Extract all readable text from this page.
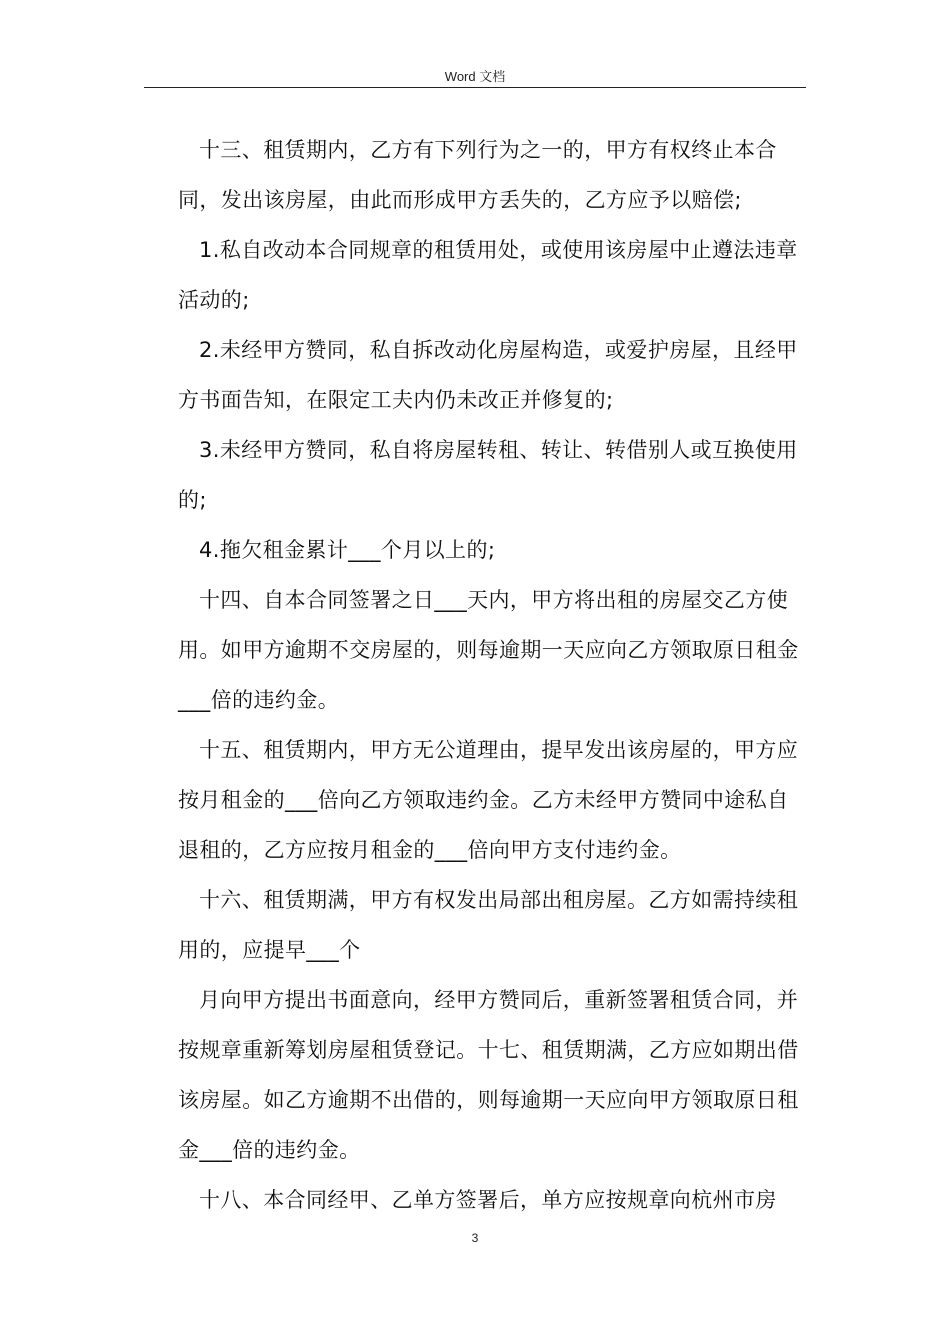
Word 文档

十三、租赁期内，乙方有下列行为之一的，甲方有权终止本合同，发出该房屋，由此而形成甲方丢失的，乙方应予以赔偿;

1.私自改动本合同规章的租赁用处，或使用该房屋中止遵法违章活动的;

2.未经甲方赞同，私自拆改动化房屋构造，或爱护房屋，且经甲方书面告知，在限定工夫内仍未改正并修复的;

3.未经甲方赞同，私自将房屋转租、转让、转借别人或互换使用的;

4.拖欠租金累计___个月以上的;

十四、自本合同签署之日___天内，甲方将出租的房屋交乙方使用。如甲方逾期不交房屋的，则每逾期一天应向乙方领取原日租金___倍的违约金。

十五、租赁期内，甲方无公道理由，提早发出该房屋的，甲方应按月租金的___倍向乙方领取违约金。乙方未经甲方赞同中途私自退租的，乙方应按月租金的___倍向甲方支付违约金。

十六、租赁期满，甲方有权发出局部出租房屋。乙方如需持续租用的，应提早___个

月向甲方提出书面意向，经甲方赞同后，重新签署租赁合同，并按规章重新筹划房屋租赁登记。十七、租赁期满，乙方应如期出借该房屋。如乙方逾期不出借的，则每逾期一天应向甲方领取原日租金___倍的违约金。

十八、本合同经甲、乙单方签署后，单方应按规章向杭州市房

3
